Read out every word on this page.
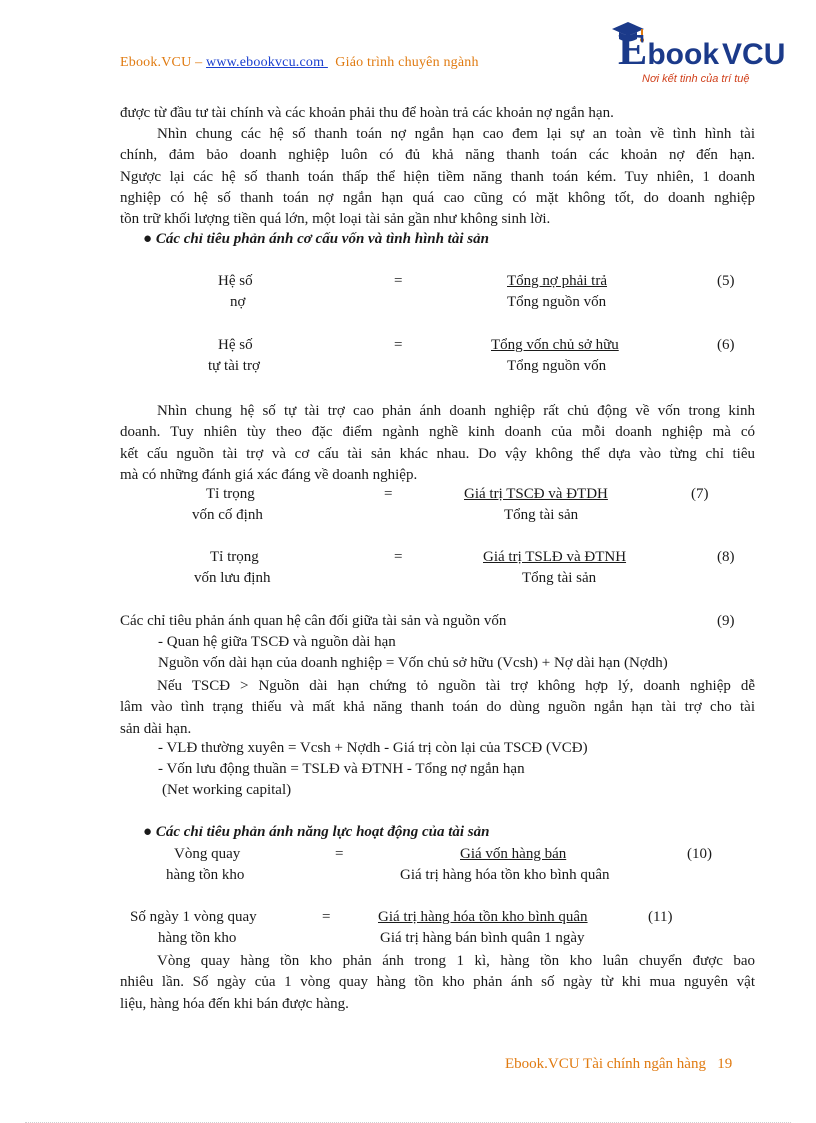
Ebook.VCU – www.ebookvcu.com   Giáo trình chuyên ngành	Ebook VCU
Nơi kết tinh của trí tuệ
được từ đầu tư tài chính và các khoản phải thu để hoàn trả các khoản nợ ngắn hạn.
Nhìn chung các hệ số thanh toán nợ ngắn hạn cao đem lại sự an toàn về tình hình tài
chính, đảm bảo doanh nghiệp luôn có đủ khả năng thanh toán các khoản nợ đến hạn.
Ngược lại các hệ số thanh toán thấp thể hiện tiềm năng thanh toán kém. Tuy nhiên, 1 doanh
nghiệp có hệ số thanh toán nợ ngắn hạn quá cao cũng có mặt không tốt, do doanh nghiệp
tồn trữ khối lượng tiền quá lớn, một loại tài sản gần như không sinh lời.
● Các chỉ tiêu phản ánh cơ cấu vốn và tình hình tài sản
Hệ số
nợ
=	Tổng nợ phải trả
Tổng nguồn vốn
(5)
Hệ số
tự tài trợ
=	Tổng vốn chủ sở hữu
Tổng nguồn vốn
(6)
Nhìn chung hệ số tự tài trợ cao phản ánh doanh nghiệp rất chủ động về vốn trong kinh
doanh. Tuy nhiên tùy theo đặc điểm ngành nghề kinh doanh của mỗi doanh nghiệp mà có
kết cấu nguồn tài trợ và cơ cấu tài sản khác nhau. Do vậy không thể dựa vào từng chỉ tiêu
mà có những đánh giá xác đáng về doanh nghiệp.
Tỉ trọng
vốn cố định
=	Giá trị TSCĐ và ĐTDH
Tổng tài sản
(7)
Tỉ trọng
vốn lưu định
=	Giá trị TSLĐ và ĐTNH
Tổng tài sản
(8)
Các chỉ tiêu phản ánh quan hệ cân đối giữa tài sản và nguồn vốn	(9)
- Quan hệ giữa TSCĐ và nguồn dài hạn
Nguồn vốn dài hạn của doanh nghiệp = Vốn chủ sở hữu (Vcsh) + Nợ dài hạn (Nợdh)
Nếu TSCĐ > Nguồn dài hạn chứng tỏ nguồn tài trợ không hợp lý, doanh nghiệp dễ
lâm vào tình trạng thiếu và mất khả năng thanh toán do dùng nguồn ngắn hạn tài trợ cho tài
sản dài hạn.
- VLĐ thường xuyên = Vcsh + Nợdh - Giá trị còn lại của TSCĐ (VCĐ)
- Vốn lưu động thuần = TSLĐ và ĐTNH - Tổng nợ ngắn hạn
(Net working capital)
● Các chỉ tiêu phản ánh năng lực hoạt động của tài sản
Vòng quay
hàng tồn kho
=	Giá vốn hàng bán
Giá trị hàng hóa tồn kho bình quân
(10)
Số ngày 1 vòng quay
hàng tồn kho
=	Giá trị hàng hóa tồn kho bình quân
Giá trị hàng bán bình quân 1 ngày
(11)
Vòng quay hàng tồn kho phản ánh trong 1 kì, hàng tồn kho luân chuyển được bao
nhiêu lần. Số ngày của 1 vòng quay hàng tồn kho phản ánh số ngày từ khi mua nguyên vật
liệu, hàng hóa đến khi bán được hàng.
Ebook.VCU Tài chính ngân hàng 19
